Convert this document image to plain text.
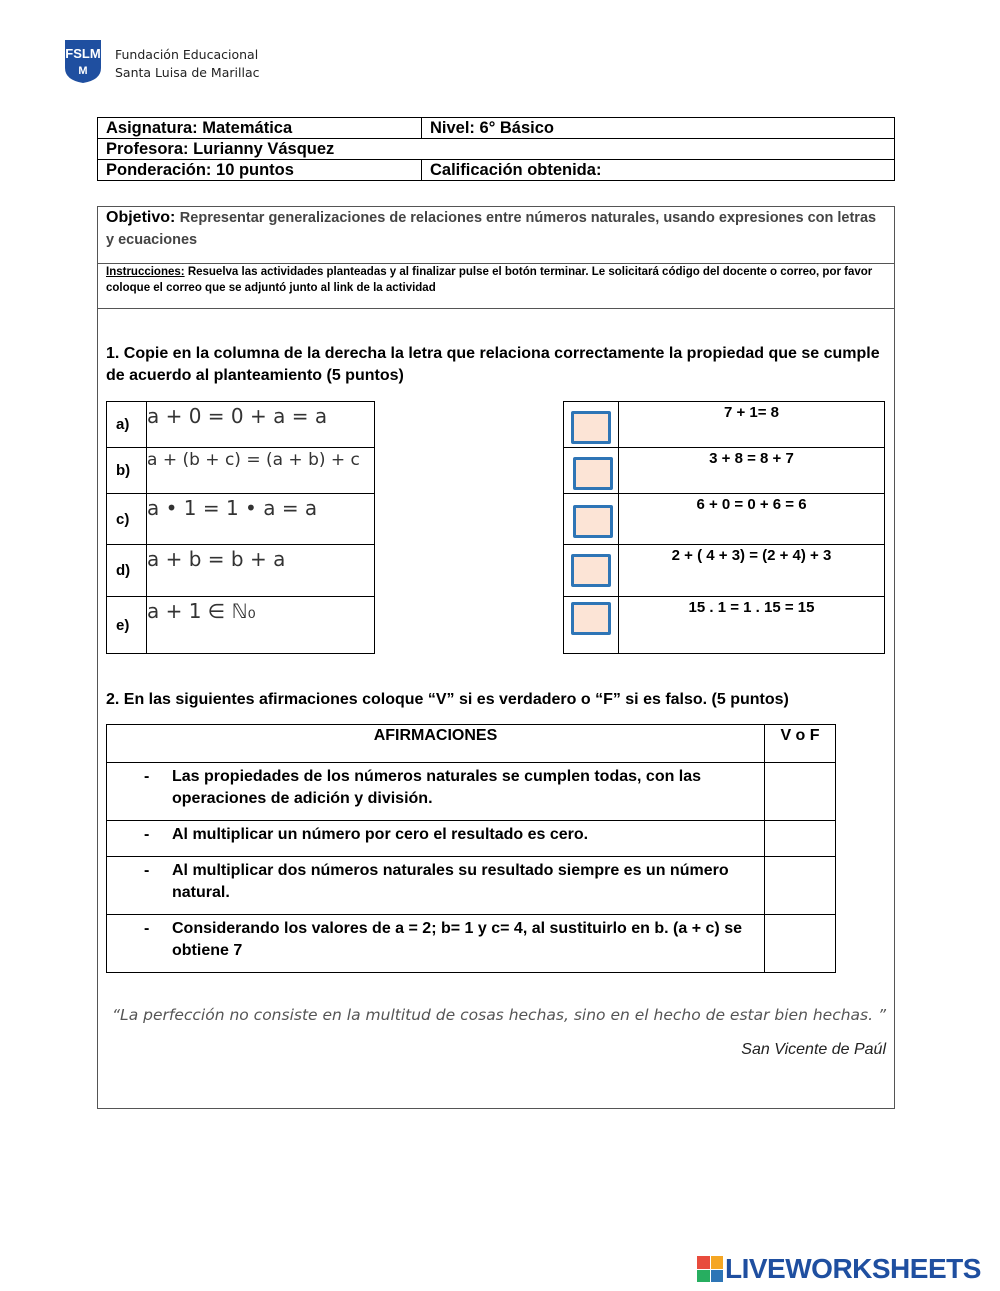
FSLM
M
Fundación Educacional
Santa Luisa de Marillac
Asignatura: Matemática	Nivel: 6° Básico
Profesora: Lurianny Vásquez	
Ponderación: 10 puntos	Calificación obtenida:
Objetivo: Representar generalizaciones de relaciones entre números naturales, usando expresiones con letras y ecuaciones
Instrucciones: Resuelva las actividades planteadas y al finalizar pulse el botón terminar. Le solicitará código del docente o correo, por favor coloque el correo que se adjuntó junto al link de la actividad
1. Copie en la columna de la derecha la letra que relaciona correctamente la propiedad que se cumple de acuerdo al planteamiento (5 puntos)
a)	a + 0 = 0 + a = a
b)	a + (b + c) = (a + b) + c
c)	a • 1 = 1 • a = a
d)	a + b = b + a
e)	a + 1 ∈ ℕ₀
	7 + 1= 8

	3 + 8 = 8 + 7

	6 + 0 = 0 + 6 = 6

	2 + ( 4 + 3) = (2 + 4) + 3

	15 . 1 = 1 . 15 = 15
2. En las siguientes afirmaciones coloque “V” si es verdadero o “F” si es falso. (5 puntos)
AFIRMACIONES	V o F

- Las propiedades de los números naturales se cumplen todas, con las operaciones de adición y división.	

- Al multiplicar un número por cero el resultado es cero.	

- Al multiplicar dos números naturales su resultado siempre es un número natural.	

- Considerando los valores de a = 2; b= 1 y c= 4, al sustituirlo en b. (a + c) se obtiene 7	

“La perfección no consiste en la multitud de cosas hechas, sino en el hecho de estar bien hechas. ”
San Vicente de Paúl
LIVEWORKSHEETS
